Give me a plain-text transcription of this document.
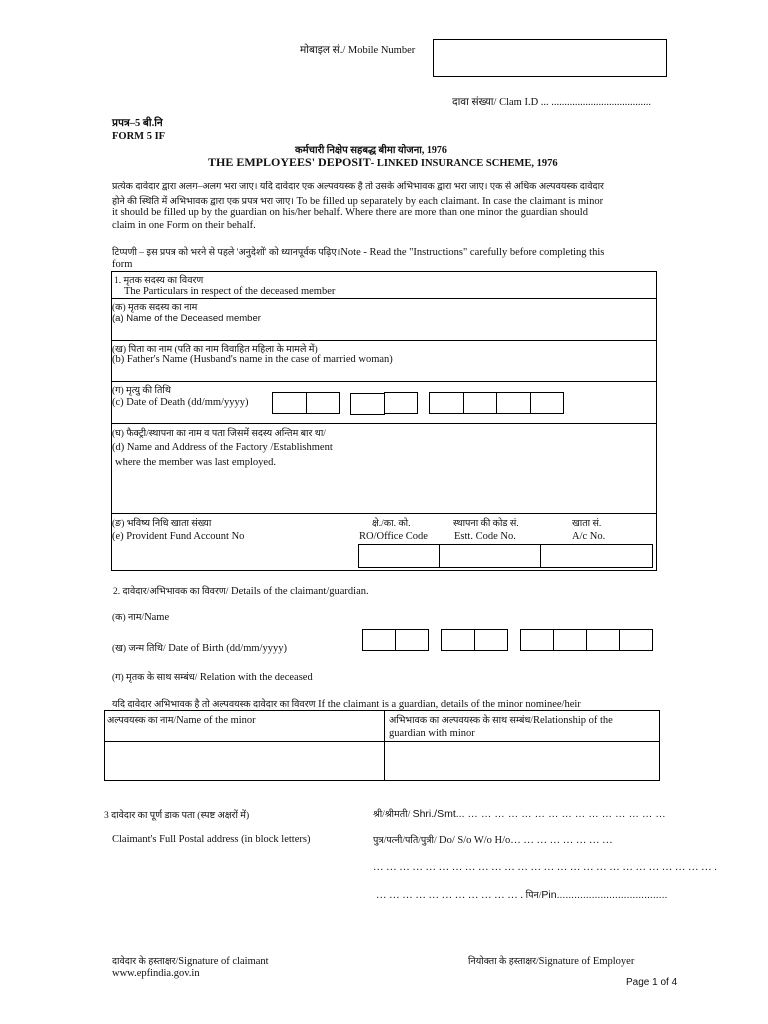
मोबाइल सं./ Mobile Number
दावा संख्या/ Clam I.D ... ......................................
प्रपत्र–5 बी.नि
FORM 5 IF
कर्मचारी निक्षेप सहबद्ध बीमा योजना, 1976
THE EMPLOYEES' DEPOSIT- LINKED INSURANCE SCHEME, 1976
प्रत्येक दावेदार द्वारा अलग–अलग भरा जाए। यदि दावेदार एक अल्पवयस्क है तो उसके अभिभावक द्वारा भरा जाए। एक से अधिक अल्पवयस्क दावेदार
होने की स्थिति में अभिभावक द्वारा एक प्रपत्र भरा जाए। To be filled up separately by each claimant. In case the claimant is minor
it should be filled up by the guardian on his/her behalf. Where there are more than one minor the guardian should
claim in one Form on their behalf.
टिप्पणी – इस प्रपत्र को भरने से पहले 'अनुदेशों' को ध्यानपूर्वक पढ़िए।Note - Read the "Instructions" carefully before completing this
form
1. मृतक सदस्य का विवरण
The Particulars in respect of the deceased member
(क) मृतक सदस्य का नाम
(a) Name of the Deceased member
(ख) पिता का नाम (पति का नाम विवाहित महिला के मामले में)
(b) Father's Name (Husband's name in the case of married woman)
(ग) मृत्यु की तिथि
(c) Date of Death (dd/mm/yyyy)
(घ) फैक्ट्री/स्थापना का नाम व पता जिसमें सदस्य अन्तिम बार था/
(d) Name and Address of the Factory /Establishment
where the member was last employed.
(ङ) भविष्य निधि खाता संख्या
(e) Provident Fund Account No
क्षे./का. को.
RO/Office Code
स्थापना की कोड सं.
Estt. Code No.
खाता सं.
A/c No.
2. दावेदार/अभिभावक का विवरण/ Details of the claimant/guardian.
(क) नाम/Name
(ख) जन्म तिथि/ Date of Birth (dd/mm/yyyy)
(ग) मृतक के साथ सम्बंध/ Relation with the deceased
यदि दावेदार अभिभावक है तो अल्पवयस्क दावेदार का विवरण If the claimant is a guardian, details of the minor nominee/heir
अल्पवयस्क का नाम/Name of the minor	अभिभावक का अल्पवयस्क के साथ सम्बंध/Relationship of the
guardian with minor
3 दावेदार का पूर्ण डाक पता (स्पष्ट अक्षरों में)
Claimant's Full Postal address (in block letters)
श्री/श्रीमती/ Shri./Smt... … … … … … … … … … … … … … … …
पुत्र/पत्नी/पति/पुत्री/ Do/ S/o W/o H/o… … … … … … … …
… … … … … … … … … … … … … … … … … … … … … … … … … … .
… … … … … … … … … … … . पिन/Pin......................................
दावेदार के हस्ताक्षर/Signature of claimant
www.epfindia.gov.in
नियोक्ता के हस्ताक्षर/Signature of Employer
Page 1 of 4
